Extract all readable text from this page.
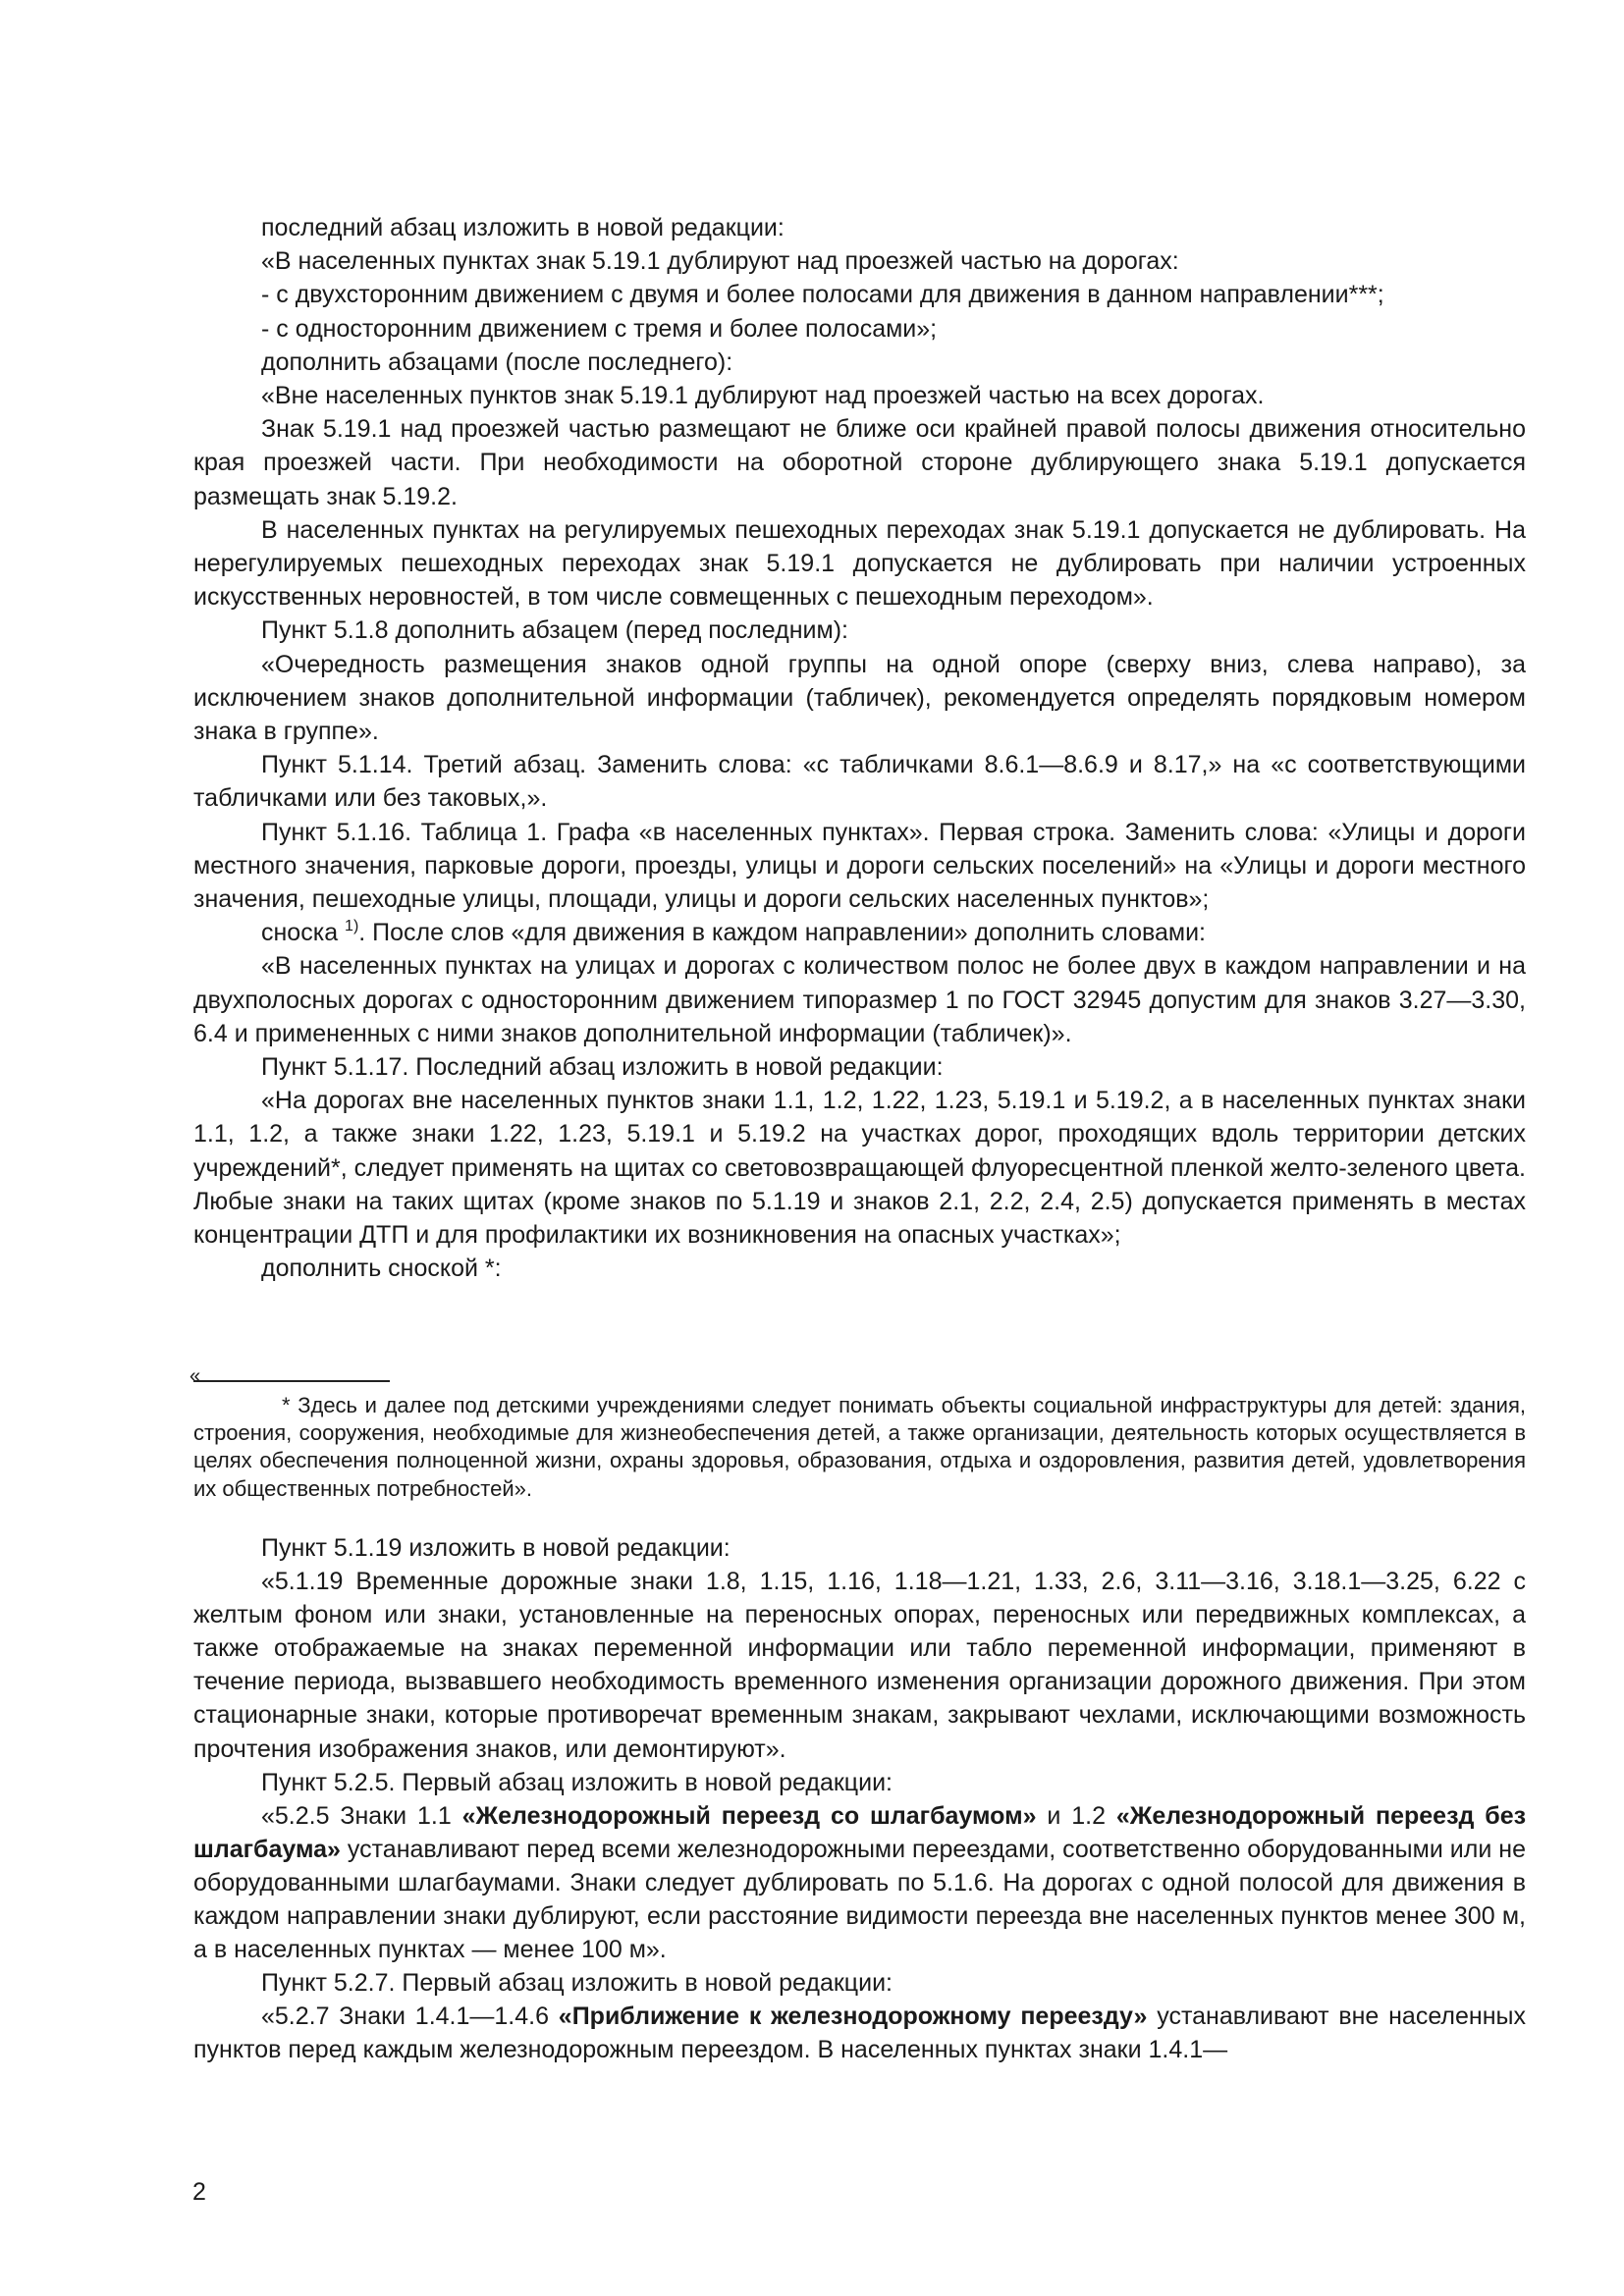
последний абзац изложить в новой редакции:

«В населенных пунктах знак 5.19.1 дублируют над проезжей частью на дорогах:

- с двухсторонним движением с двумя и более полосами для движения в данном направлении***;

- с односторонним движением с тремя и более полосами»;

дополнить абзацами (после последнего):

«Вне населенных пунктов знак 5.19.1 дублируют над проезжей частью на всех дорогах.

Знак 5.19.1 над проезжей частью размещают не ближе оси крайней правой полосы движения относительно края проезжей части. При необходимости на оборотной стороне дублирующего знака 5.19.1 допускается размещать знак 5.19.2.

В населенных пунктах на регулируемых пешеходных переходах знак 5.19.1 допускается не дублировать. На нерегулируемых пешеходных переходах знак 5.19.1 допускается не дублировать при наличии устроенных искусственных неровностей, в том числе совмещенных с пешеходным переходом».

Пункт 5.1.8 дополнить абзацем (перед последним):

«Очередность размещения знаков одной группы на одной опоре (сверху вниз, слева направо), за исключением знаков дополнительной информации (табличек), рекомендуется определять порядковым номером знака в группе».

Пункт 5.1.14. Третий абзац. Заменить слова: «с табличками 8.6.1—8.6.9 и 8.17,» на «с соответствующими табличками или без таковых,».

Пункт 5.1.16. Таблица 1. Графа «в населенных пунктах». Первая строка. Заменить слова: «Улицы и дороги местного значения, парковые дороги, проезды, улицы и дороги сельских поселений» на «Улицы и дороги местного значения, пешеходные улицы, площади, улицы и дороги сельских населенных пунктов»;

сноска $^{1)}$. После слов «для движения в каждом направлении» дополнить словами:

«В населенных пунктах на улицах и дорогах с количеством полос не более двух в каждом направлении и на двухполосных дорогах с односторонним движением типоразмер 1 по ГОСТ 32945 допустим для знаков 3.27—3.30, 6.4 и примененных с ними знаков дополнительной информации (табличек)».

Пункт 5.1.17. Последний абзац изложить в новой редакции:

«На дорогах вне населенных пунктов знаки 1.1, 1.2, 1.22, 1.23, 5.19.1 и 5.19.2, а в населенных пунктах знаки 1.1, 1.2, а также знаки 1.22, 1.23, 5.19.1 и 5.19.2 на участках дорог, проходящих вдоль территории детских учреждений*, следует применять на щитах со световозвращающей флуоресцентной пленкой желто-зеленого цвета. Любые знаки на таких щитах (кроме знаков по 5.1.19 и знаков 2.1, 2.2, 2.4, 2.5) допускается применять в местах концентрации ДТП и для профилактики их возникновения на опасных участках»;

дополнить сноской *:

«

* Здесь и далее под детскими учреждениями следует понимать объекты социальной инфраструктуры для детей: здания, строения, сооружения, необходимые для жизнеобеспечения детей, а также организации, деятельность которых осуществляется в целях обеспечения полноценной жизни, охраны здоровья, образования, отдыха и оздоровления, развития детей, удовлетворения их общественных потребностей».

Пункт 5.1.19 изложить в новой редакции:

«5.1.19 Временные дорожные знаки 1.8, 1.15, 1.16, 1.18—1.21, 1.33, 2.6, 3.11—3.16, 3.18.1—3.25, 6.22 с желтым фоном или знаки, установленные на переносных опорах, переносных или передвижных комплексах, а также отображаемые на знаках переменной информации или табло переменной информации, применяют в течение периода, вызвавшего необходимость временного изменения организации дорожного движения. При этом стационарные знаки, которые противоречат временным знакам, закрывают чехлами, исключающими возможность прочтения изображения знаков, или демонтируют».

Пункт 5.2.5. Первый абзац изложить в новой редакции:

«5.2.5 Знаки 1.1 «Железнодорожный переезд со шлагбаумом» и 1.2 «Железнодорожный переезд без шлагбаума» устанавливают перед всеми железнодорожными переездами, соответственно оборудованными или не оборудованными шлагбаумами. Знаки следует дублировать по 5.1.6. На дорогах с одной полосой для движения в каждом направлении знаки дублируют, если расстояние видимости переезда вне населенных пунктов менее 300 м, а в населенных пунктах — менее 100 м».

Пункт 5.2.7. Первый абзац изложить в новой редакции:

«5.2.7 Знаки 1.4.1—1.4.6 «Приближение к железнодорожному переезду» устанавливают вне населенных пунктов перед каждым железнодорожным переездом. В населенных пунктах знаки 1.4.1—

2
